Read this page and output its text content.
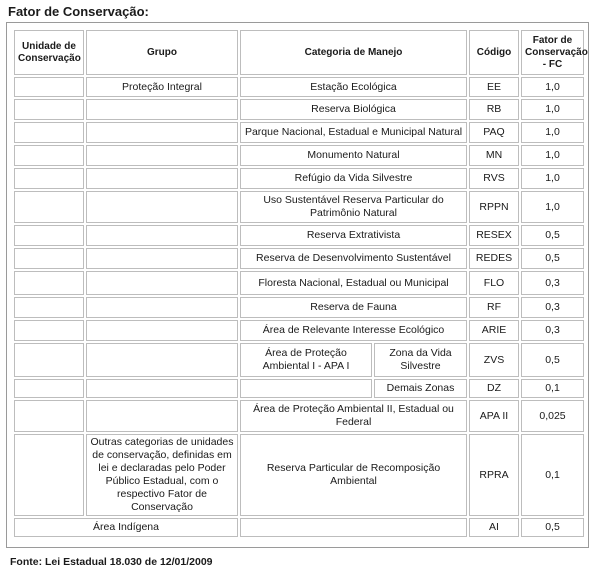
Fator de Conservação:
Unidade de Conservação	Grupo	Categoria de Manejo		Código	Fator de Conservação - FC
	Proteção Integral	Estação Ecológica		EE	1,0
		Reserva Biológica		RB	1,0
		Parque Nacional, Estadual e Municipal Natural		PAQ	1,0
		Monumento Natural		MN	1,0
		Refúgio da Vida Silvestre		RVS	1,0
		Uso Sustentável Reserva Particular do Patrimônio Natural		RPPN	1,0
		Reserva Extrativista		RESEX	0,5
		Reserva de Desenvolvimento Sustentável		REDES	0,5
		Floresta Nacional, Estadual ou Municipal		FLO	0,3
		Reserva de Fauna		RF	0,3
		Área de Relevante Interesse Ecológico		ARIE	0,3
		Área de Proteção Ambiental I - APA I	Zona da Vida Silvestre	ZVS	0,5
			Demais Zonas	DZ	0,1
		Área de Proteção Ambiental II, Estadual ou Federal		APA II	0,025
	Outras categorias de unidades de conservação, definidas em lei e declaradas pelo Poder Público Estadual, com o respectivo Fator de Conservação	Reserva Particular de Recomposição Ambiental		RPRA	0,1
Área Indígena				AI	0,5
Fonte: Lei Estadual 18.030 de 12/01/2009
